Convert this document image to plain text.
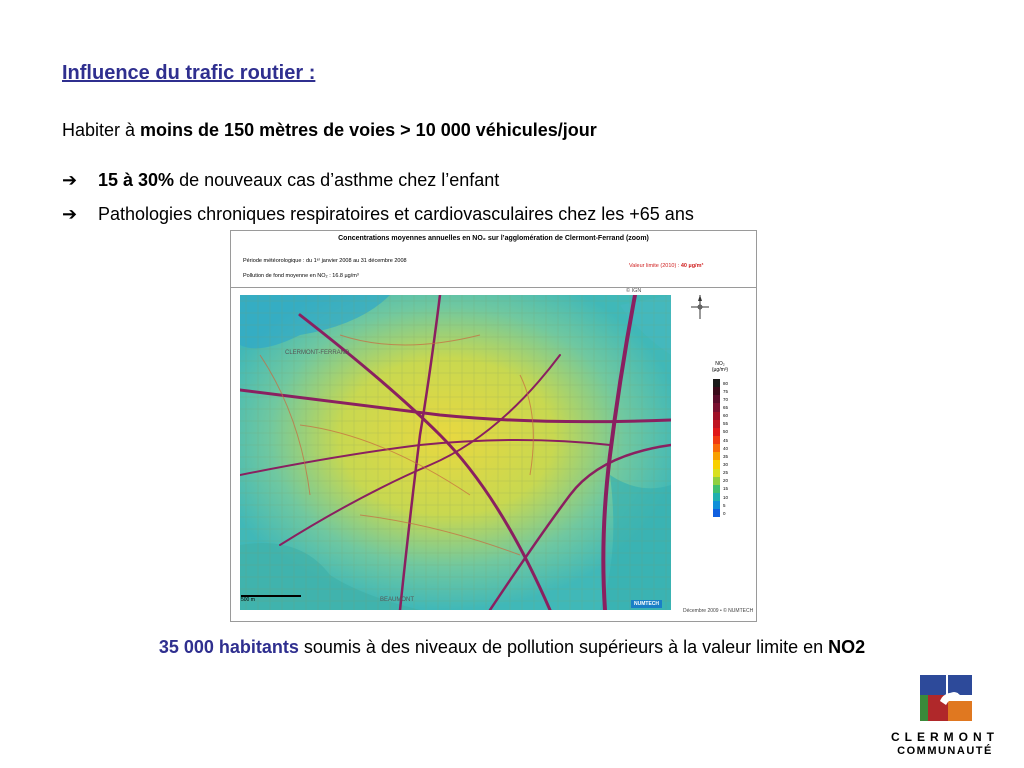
Influence du trafic routier :
Habiter à moins de 150 mètres de voies > 10 000 véhicules/jour
➔	15 à 30% de nouveaux cas d’asthme chez l’enfant
➔	Pathologies chroniques respiratoires et cardiovasculaires chez les +65 ans
Concentrations moyennes annuelles en NO₂ sur l’agglomération de Clermont-Ferrand (zoom)
Période météorologique : du 1ᵉʳ janvier 2008 au 31 décembre 2008
Pollution de fond moyenne en NO₂ : 16.8 µg/m³
Valeur limite (2010) : 40 µg/m³
© IGN
CLERMONT-FERRAND
BEAUMONT
500 m
NUMTECH
Décembre 2009 • © NUMTECH
NO₂
(µg/m³)
80
75
70
65
60
55
50
45
40
35
30
25
20
15
10
5
0
35 000 habitants soumis à des niveaux de pollution supérieurs à la valeur limite en NO2
CLERMONT
COMMUNAUTÉ
